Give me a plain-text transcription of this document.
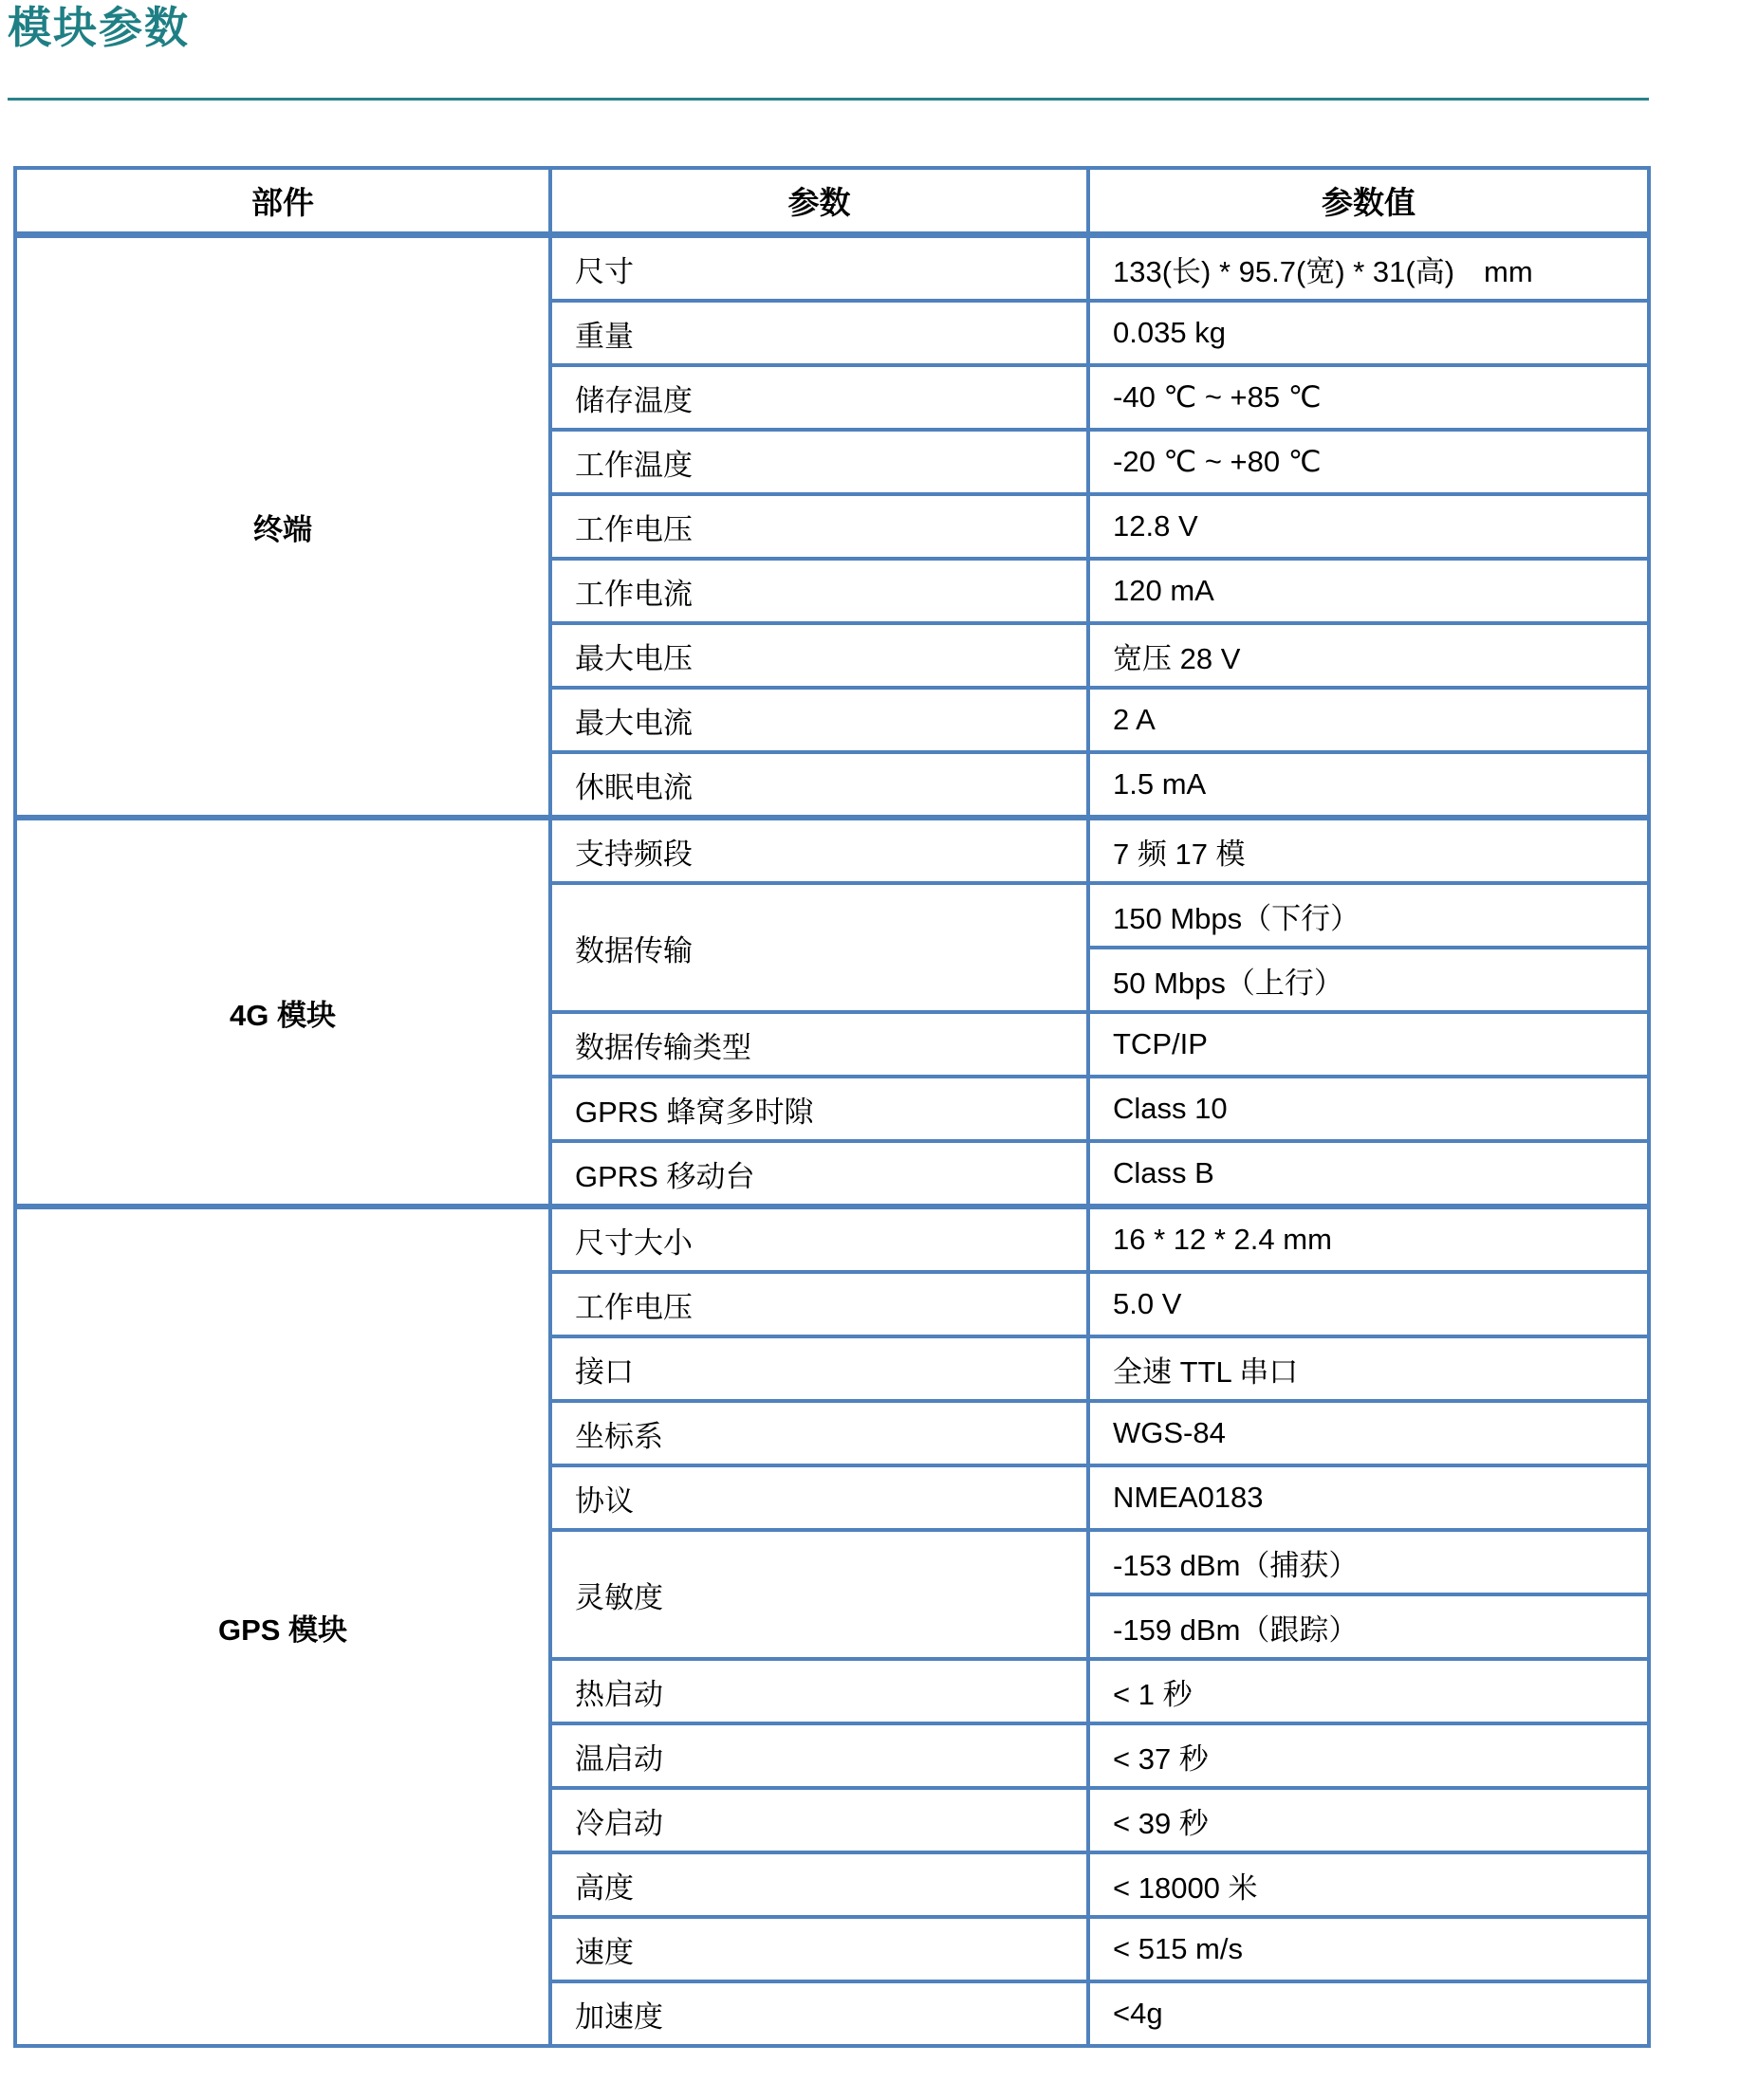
模块参数
部件	参数	参数值
终端	尺寸	133(长) * 95.7(宽) * 31(高)　mm
	重量	0.035 kg
	储存温度	-40 ℃ ~ +85 ℃
	工作温度	-20 ℃ ~ +80 ℃
	工作电压	12.8 V
	工作电流	120 mA
	最大电压	宽压 28 V
	最大电流	2 A
	休眠电流	1.5 mA
4G 模块	支持频段	7 频 17 模
	数据传输	150 Mbps（下行）
		50 Mbps（上行）
	数据传输类型	TCP/IP
	GPRS 蜂窝多时隙	Class 10
	GPRS 移动台	Class B
GPS 模块	尺寸大小	16 * 12 * 2.4 mm
	工作电压	5.0 V
	接口	全速 TTL 串口
	坐标系	WGS-84
	协议	NMEA0183
	灵敏度	-153 dBm（捕获）
		-159 dBm（跟踪）
	热启动	< 1 秒
	温启动	< 37 秒
	冷启动	< 39 秒
	高度	< 18000 米
	速度	< 515 m/s
	加速度	<4g
